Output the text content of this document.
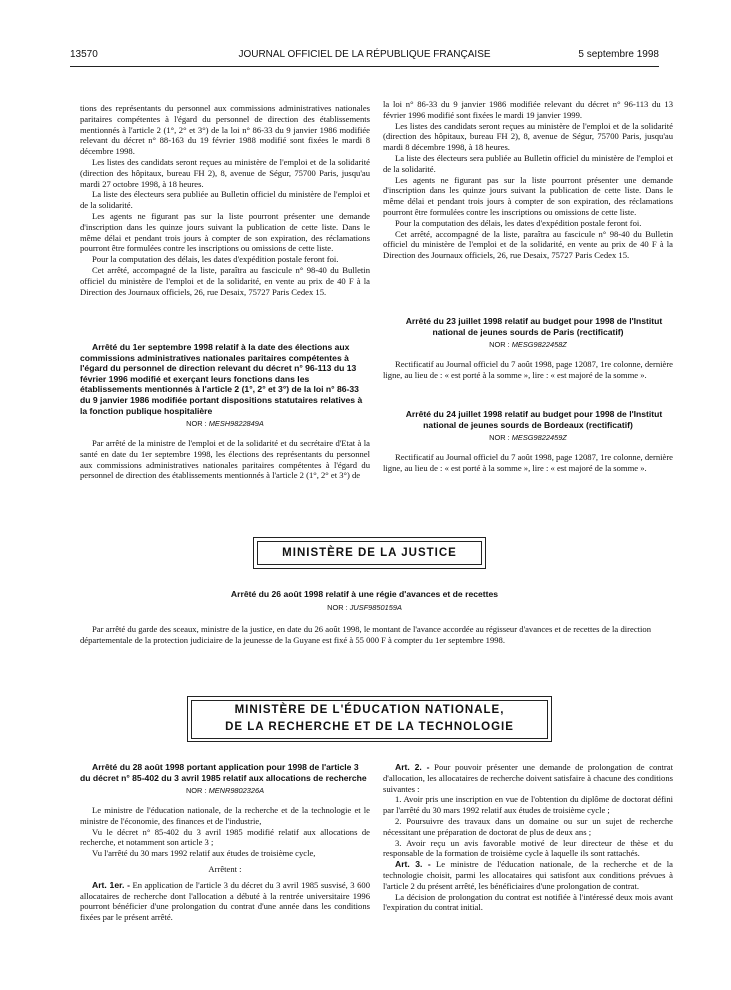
13570	JOURNAL OFFICIEL DE LA RÉPUBLIQUE FRANÇAISE	5 septembre 1998

tions des représentants du personnel aux commissions administratives nationales paritaires compétentes à l'égard du personnel de direction des établissements mentionnés à l'article 2 (1°, 2° et 3°) de la loi n° 86-33 du 9 janvier 1986 modifiée relevant du décret n° 88-163 du 19 février 1988 modifié sont fixées le mardi 8 décembre 1998.

Les listes des candidats seront reçues au ministère de l'emploi et de la solidarité (direction des hôpitaux, bureau FH 2), 8, avenue de Ségur, 75700 Paris, jusqu'au mardi 27 octobre 1998, à 18 heures.

La liste des électeurs sera publiée au Bulletin officiel du ministère de l'emploi et de la solidarité.

Les agents ne figurant pas sur la liste pourront présenter une demande d'inscription dans les quinze jours suivant la publication de cette liste. Dans le même délai et pendant trois jours à compter de son expiration, des réclamations pourront être formulées contre les inscriptions ou omissions de cette liste.

Pour la computation des délais, les dates d'expédition postale feront foi.

Cet arrêté, accompagné de la liste, paraîtra au fascicule n° 98-40 du Bulletin officiel du ministère de l'emploi et de la solidarité, en vente au prix de 40 F à la Direction des Journaux officiels, 26, rue Desaix, 75727 Paris Cedex 15.

Arrêté du 1er septembre 1998 relatif à la date des élections aux commissions administratives nationales paritaires compétentes à l'égard du personnel de direction relevant du décret n° 96-113 du 13 février 1996 modifié et exerçant leurs fonctions dans les établissements mentionnés à l'article 2 (1°, 2° et 3°) de la loi n° 86-33 du 9 janvier 1986 modifiée portant dispositions statutaires relatives à la fonction publique hospitalière

NOR : MESH9822849A

Par arrêté de la ministre de l'emploi et de la solidarité et du secrétaire d'Etat à la santé en date du 1er septembre 1998, les élections des représentants du personnel aux commissions administratives nationales paritaires compétentes à l'égard du personnel de direction des établissements mentionnés à l'article 2 (1°, 2° et 3°) de

la loi n° 86-33 du 9 janvier 1986 modifiée relevant du décret n° 96-113 du 13 février 1996 modifié sont fixées le mardi 19 janvier 1999.

Les listes des candidats seront reçues au ministère de l'emploi et de la solidarité (direction des hôpitaux, bureau FH 2), 8, avenue de Ségur, 75700 Paris, jusqu'au mardi 8 décembre 1998, à 18 heures.

La liste des électeurs sera publiée au Bulletin officiel du ministère de l'emploi et de la solidarité.

Les agents ne figurant pas sur la liste pourront présenter une demande d'inscription dans les quinze jours suivant la publication de cette liste. Dans le même délai et pendant trois jours à compter de son expiration, des réclamations pourront être formulées contre les inscriptions ou omissions de cette liste.

Pour la computation des délais, les dates d'expédition postale feront foi.

Cet arrêté, accompagné de la liste, paraîtra au fascicule n° 98-40 du Bulletin officiel du ministère de l'emploi et de la solidarité, en vente au prix de 40 F à la Direction des Journaux officiels, 26, rue Desaix, 75727 Paris Cedex 15.

Arrêté du 23 juillet 1998 relatif au budget pour 1998 de l'Institut national de jeunes sourds de Paris (rectificatif)

NOR : MESG9822458Z

Rectificatif au Journal officiel du 7 août 1998, page 12087, 1re colonne, dernière ligne, au lieu de : « est porté à la somme », lire : « est majoré de la somme ».

Arrêté du 24 juillet 1998 relatif au budget pour 1998 de l'Institut national de jeunes sourds de Bordeaux (rectificatif)

NOR : MESG9822459Z

Rectificatif au Journal officiel du 7 août 1998, page 12087, 1re colonne, dernière ligne, au lieu de : « est porté à la somme », lire : « est majoré de la somme ».

MINISTÈRE DE LA JUSTICE

Arrêté du 26 août 1998 relatif à une régie d'avances et de recettes

NOR : JUSF9850159A

Par arrêté du garde des sceaux, ministre de la justice, en date du 26 août 1998, le montant de l'avance accordée au régisseur d'avances et de recettes de la direction départementale de la protection judiciaire de la jeunesse de la Guyane est fixé à 55 000 F à compter du 1er septembre 1998.

MINISTÈRE DE L'ÉDUCATION NATIONALE,
DE LA RECHERCHE ET DE LA TECHNOLOGIE

Arrêté du 28 août 1998 portant application pour 1998 de l'article 3 du décret n° 85-402 du 3 avril 1985 relatif aux allocations de recherche

NOR : MENR9802326A

Le ministre de l'éducation nationale, de la recherche et de la technologie et le ministre de l'économie, des finances et de l'industrie,

Vu le décret n° 85-402 du 3 avril 1985 modifié relatif aux allocations de recherche, et notamment son article 3 ;

Vu l'arrêté du 30 mars 1992 relatif aux études de troisième cycle,

Arrêtent :

Art. 1er. - En application de l'article 3 du décret du 3 avril 1985 susvisé, 3 600 allocataires de recherche dont l'allocation a débuté à la rentrée universitaire 1996 pourront bénéficier d'une prolongation du contrat d'une année dans les conditions fixées par le présent arrêté.

Art. 2. - Pour pouvoir présenter une demande de prolongation de contrat d'allocation, les allocataires de recherche doivent satisfaire à chacune des conditions suivantes :

1. Avoir pris une inscription en vue de l'obtention du diplôme de doctorat défini par l'arrêté du 30 mars 1992 relatif aux études de troisième cycle ;

2. Poursuivre des travaux dans un domaine ou sur un sujet de recherche nécessitant une préparation de doctorat de plus de deux ans ;

3. Avoir reçu un avis favorable motivé de leur directeur de thèse et du responsable de la formation de troisième cycle à laquelle ils sont rattachés.

Art. 3. - Le ministre de l'éducation nationale, de la recherche et de la technologie choisit, parmi les allocataires qui satisfont aux conditions prévues à l'article 2 du présent arrêté, les bénéficiaires d'une prolongation de contrat.

La décision de prolongation du contrat est notifiée à l'intéressé deux mois avant l'expiration du contrat initial.
